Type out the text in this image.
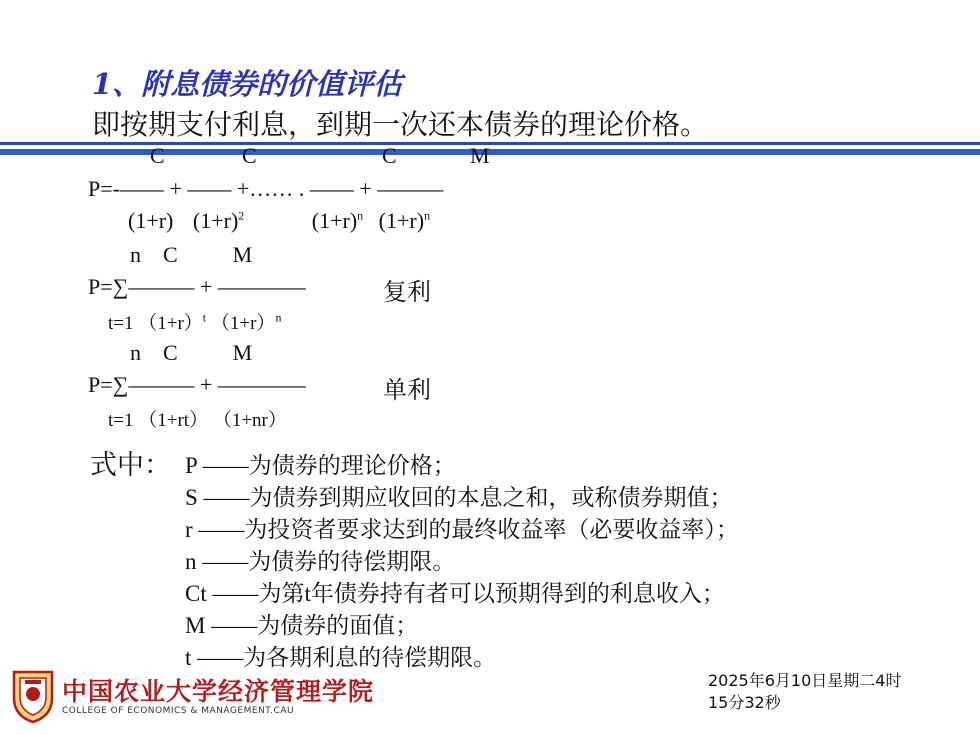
1、附息债券的价值评估
即按期支付利息，到期一次还本债券的理论价格。
C	C	C	M
P=-—— + —— +…… . —— + ———
(1+r) $(1+r)^2$	$(1+r)^n$ $(1+r)^n$
n    C          M
P=∑——— + ————	复利
t=1 $(1+r)^t$ $(1+r)^n$
n    C          M
P=∑——— + ————	单利
t=1 （1+rt） （1+nr）
式中： P ——为债券的理论价格；
S ——为债券到期应收回的本息之和，或称债券期值；
r ——为投资者要求达到的最终收益率（必要收益率）；
n ——为债券的待偿期限。
Ct ——为第t年债券持有者可以预期得到的利息收入；
M ——为债券的面值；
t ——为各期利息的待偿期限。
中国农业大学经济管理学院
COLLEGE OF ECONOMICS & MANAGEMENT.CAU
2025年6月10日星期二4时15分32秒
